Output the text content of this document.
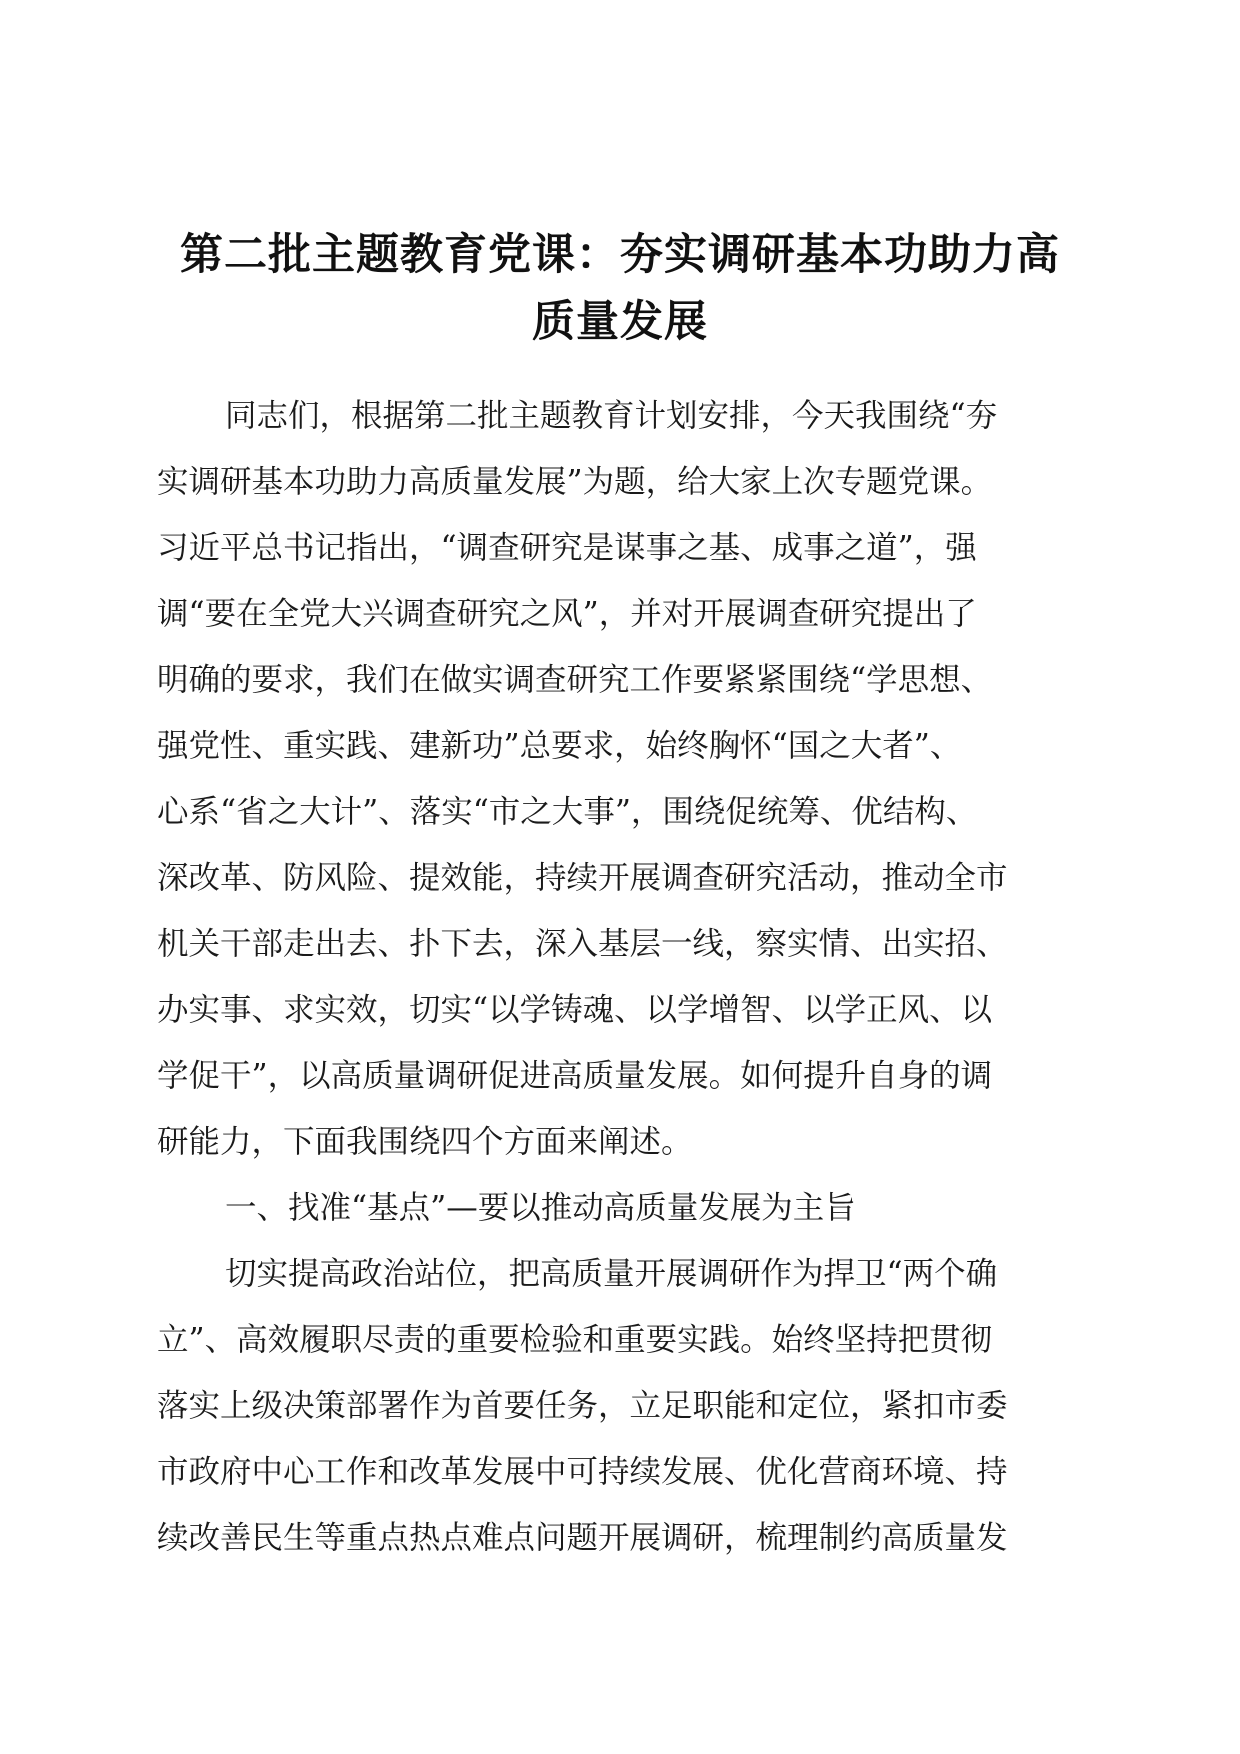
第二批主题教育党课：夯实调研基本功助力高
质量发展
同志们，根据第二批主题教育计划安排，今天我围绕“夯
实调研基本功助力高质量发展”为题，给大家上次专题党课。
习近平总书记指出，“调查研究是谋事之基、成事之道”，强
调“要在全党大兴调查研究之风”，并对开展调查研究提出了
明确的要求，我们在做实调查研究工作要紧紧围绕“学思想、
强党性、重实践、建新功”总要求，始终胸怀“国之大者”、
心系“省之大计”、落实“市之大事”，围绕促统筹、优结构、
深改革、防风险、提效能，持续开展调查研究活动，推动全市
机关干部走出去、扑下去，深入基层一线，察实情、出实招、
办实事、求实效，切实“以学铸魂、以学增智、以学正风、以
学促干”，以高质量调研促进高质量发展。如何提升自身的调
研能力，下面我围绕四个方面来阐述。
一、找准“基点”—要以推动高质量发展为主旨
切实提高政治站位，把高质量开展调研作为捍卫“两个确
立”、高效履职尽责的重要检验和重要实践。始终坚持把贯彻
落实上级决策部署作为首要任务，立足职能和定位，紧扣市委
市政府中心工作和改革发展中可持续发展、优化营商环境、持
续改善民生等重点热点难点问题开展调研，梳理制约高质量发
